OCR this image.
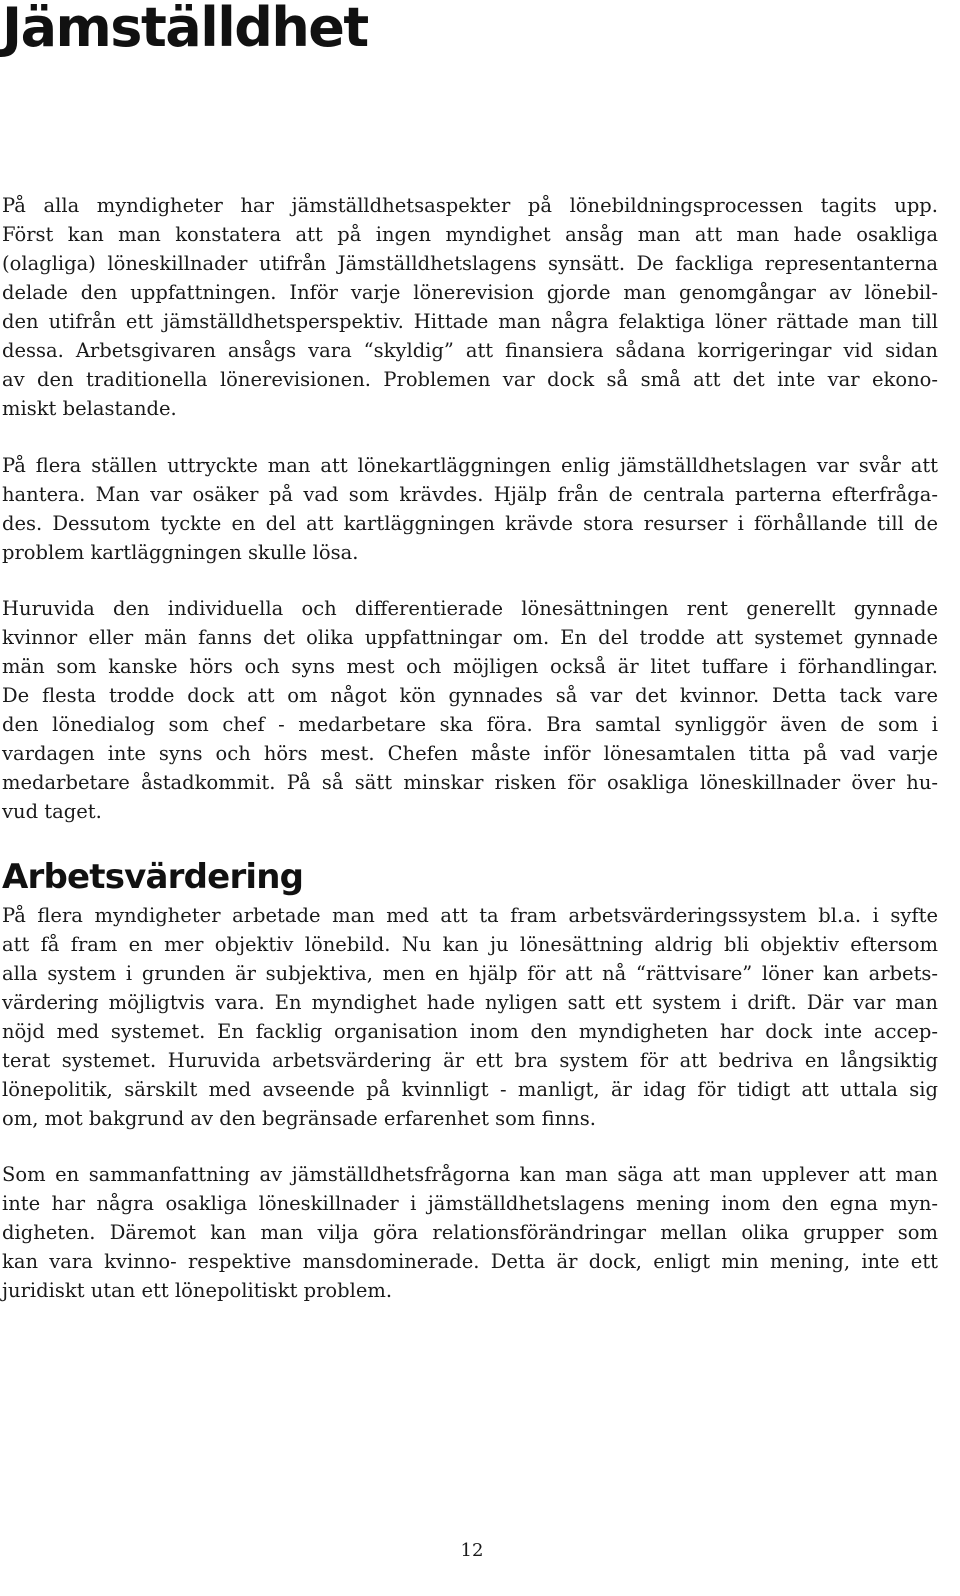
Jämställdhet
På alla myndigheter har jämställdhetsaspekter på lönebildningsprocessen tagits upp.
Först kan man konstatera att på ingen myndighet ansåg man att man hade osakliga
(olagliga) löneskillnader utifrån Jämställdhetslagens synsätt. De fackliga representanterna
delade den uppfattningen. Inför varje lönerevision gjorde man genomgångar av lönebil-
den utifrån ett jämställdhetsperspektiv. Hittade man några felaktiga löner rättade man till
dessa. Arbetsgivaren ansågs vara “skyldig” att finansiera sådana korrigeringar vid sidan
av den traditionella lönerevisionen. Problemen var dock så små att det inte var ekono-
miskt belastande.
På flera ställen uttryckte man att lönekartläggningen enlig jämställdhetslagen var svår att
hantera. Man var osäker på vad som krävdes. Hjälp från de centrala parterna efterfråga-
des. Dessutom tyckte en del att kartläggningen krävde stora resurser i förhållande till de
problem kartläggningen skulle lösa.
Huruvida den individuella och differentierade lönesättningen rent generellt gynnade
kvinnor eller män fanns det olika uppfattningar om. En del trodde att systemet gynnade
män som kanske hörs och syns mest och möjligen också är litet tuffare i förhandlingar.
De flesta trodde dock att om något kön gynnades så var det kvinnor. Detta tack vare
den lönedialog som chef - medarbetare ska föra. Bra samtal synliggör även de som i
vardagen inte syns och hörs mest. Chefen måste inför lönesamtalen titta på vad varje
medarbetare åstadkommit. På så sätt minskar risken för osakliga löneskillnader över hu-
vud taget.
Arbetsvärdering
På flera myndigheter arbetade man med att ta fram arbetsvärderingssystem bl.a. i syfte
att få fram en mer objektiv lönebild. Nu kan ju lönesättning aldrig bli objektiv eftersom
alla system i grunden är subjektiva, men en hjälp för att nå “rättvisare” löner kan arbets-
värdering möjligtvis vara. En myndighet hade nyligen satt ett system i drift. Där var man
nöjd med systemet. En facklig organisation inom den myndigheten har dock inte accep-
terat systemet. Huruvida arbetsvärdering är ett bra system för att bedriva en långsiktig
lönepolitik, särskilt med avseende på kvinnligt - manligt, är idag för tidigt att uttala sig
om, mot bakgrund av den begränsade erfarenhet som finns.
Som en sammanfattning av jämställdhetsfrågorna kan man säga att man upplever att man
inte har några osakliga löneskillnader i jämställdhetslagens mening inom den egna myn-
digheten. Däremot kan man vilja göra relationsförändringar mellan olika grupper som
kan vara kvinno- respektive mansdominerade. Detta är dock, enligt min mening, inte ett
juridiskt utan ett lönepolitiskt problem.
12
